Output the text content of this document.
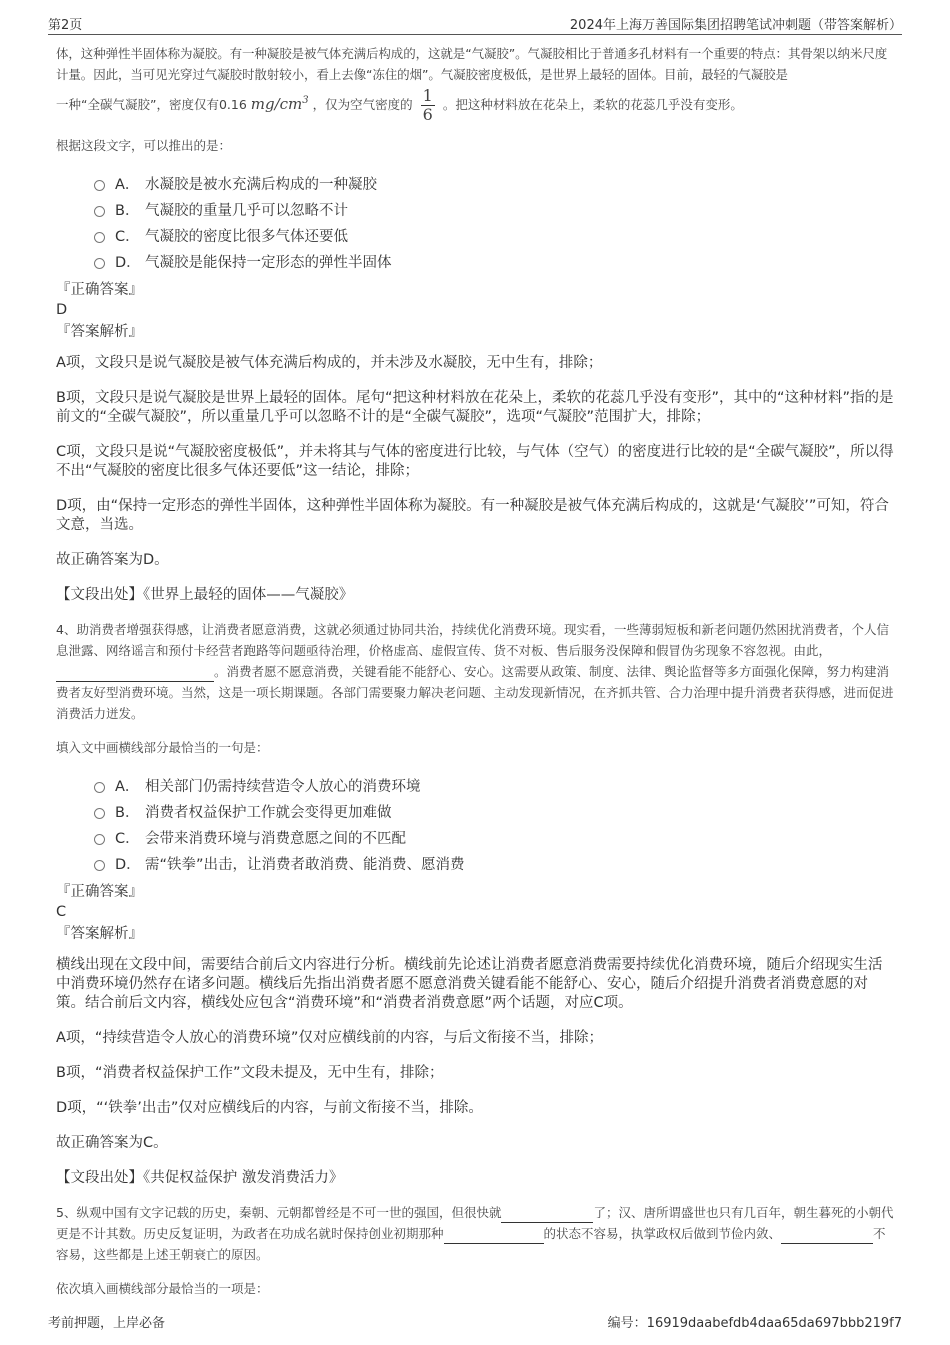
第2页	2024年上海万善国际集团招聘笔试冲刺题（带答案解析）

体，这种弹性半固体称为凝胶。有一种凝胶是被气体充满后构成的，这就是“气凝胶”。气凝胶相比于普通多孔材料有一个重要的特点：其骨架以纳米尺度计量。因此，当可见光穿过气凝胶时散射较小，看上去像“冻住的烟”。气凝胶密度极低，是世界上最轻的固体。目前，最轻的气凝胶是

一种“全碳气凝胶”，密度仅有0.16 $mg/cm^3$ ，仅为空气密度的 $\frac{1}{6}$ 。把这种材料放在花朵上，柔软的花蕊几乎没有变形。

根据这段文字，可以推出的是：

A． 水凝胶是被水充满后构成的一种凝胶
B． 气凝胶的重量几乎可以忽略不计
C． 气凝胶的密度比很多气体还要低
D． 气凝胶是能保持一定形态的弹性半固体

『正确答案』

D

『答案解析』

A项，文段只是说气凝胶是被气体充满后构成的，并未涉及水凝胶，无中生有，排除；

B项，文段只是说气凝胶是世界上最轻的固体。尾句“把这种材料放在花朵上，柔软的花蕊几乎没有变形”，其中的“这种材料”指的是前文的“全碳气凝胶”，所以重量几乎可以忽略不计的是“全碳气凝胶”，选项“气凝胶”范围扩大，排除；

C项，文段只是说“气凝胶密度极低”，并未将其与气体的密度进行比较，与气体（空气）的密度进行比较的是“全碳气凝胶”，所以得不出“气凝胶的密度比很多气体还要低”这一结论，排除；

D项，由“保持一定形态的弹性半固体，这种弹性半固体称为凝胶。有一种凝胶是被气体充满后构成的，这就是‘气凝胶’”可知，符合文意，当选。

故正确答案为D。

【文段出处】《世界上最轻的固体——气凝胶》

4、助消费者增强获得感，让消费者愿意消费，这就必须通过协同共治，持续优化消费环境。现实看，一些薄弱短板和新老问题仍然困扰消费者，个人信息泄露、网络谣言和预付卡经营者跑路等问题亟待治理，价格虚高、虚假宣传、货不对板、售后服务没保障和假冒伪劣现象不容忽视。由此，。消费者愿不愿意消费，关键看能不能舒心、安心。这需要从政策、制度、法律、舆论监督等多方面强化保障，努力构建消费者友好型消费环境。当然，这是一项长期课题。各部门需要聚力解决老问题、主动发现新情况，在齐抓共管、合力治理中提升消费者获得感，进而促进消费活力迸发。

填入文中画横线部分最恰当的一句是：

A． 相关部门仍需持续营造令人放心的消费环境
B． 消费者权益保护工作就会变得更加难做
C． 会带来消费环境与消费意愿之间的不匹配
D． 需“铁拳”出击，让消费者敢消费、能消费、愿消费

『正确答案』

C

『答案解析』

横线出现在文段中间，需要结合前后文内容进行分析。横线前先论述让消费者愿意消费需要持续优化消费环境，随后介绍现实生活中消费环境仍然存在诸多问题。横线后先指出消费者愿不愿意消费关键看能不能舒心、安心，随后介绍提升消费者消费意愿的对策。结合前后文内容，横线处应包含“消费环境”和“消费者消费意愿”两个话题，对应C项。

A项，“持续营造令人放心的消费环境”仅对应横线前的内容，与后文衔接不当，排除；

B项，“消费者权益保护工作”文段未提及，无中生有，排除；

D项，“‘铁拳’出击”仅对应横线后的内容，与前文衔接不当，排除。

故正确答案为C。

【文段出处】《共促权益保护 激发消费活力》

5、纵观中国有文字记载的历史，秦朝、元朝都曾经是不可一世的强国，但很快就	了；汉、唐所谓盛世也只有几百年，朝生暮死的小朝代更是不计其数。历史反复证明，为政者在功成名就时保持创业初期那种	的状态不容易，执掌政权后做到节俭内敛、	不容易，这些都是上述王朝衰亡的原因。

依次填入画横线部分最恰当的一项是：

考前押题，上岸必备	编号：16919daabefdb4daa65da697bbb219f7
